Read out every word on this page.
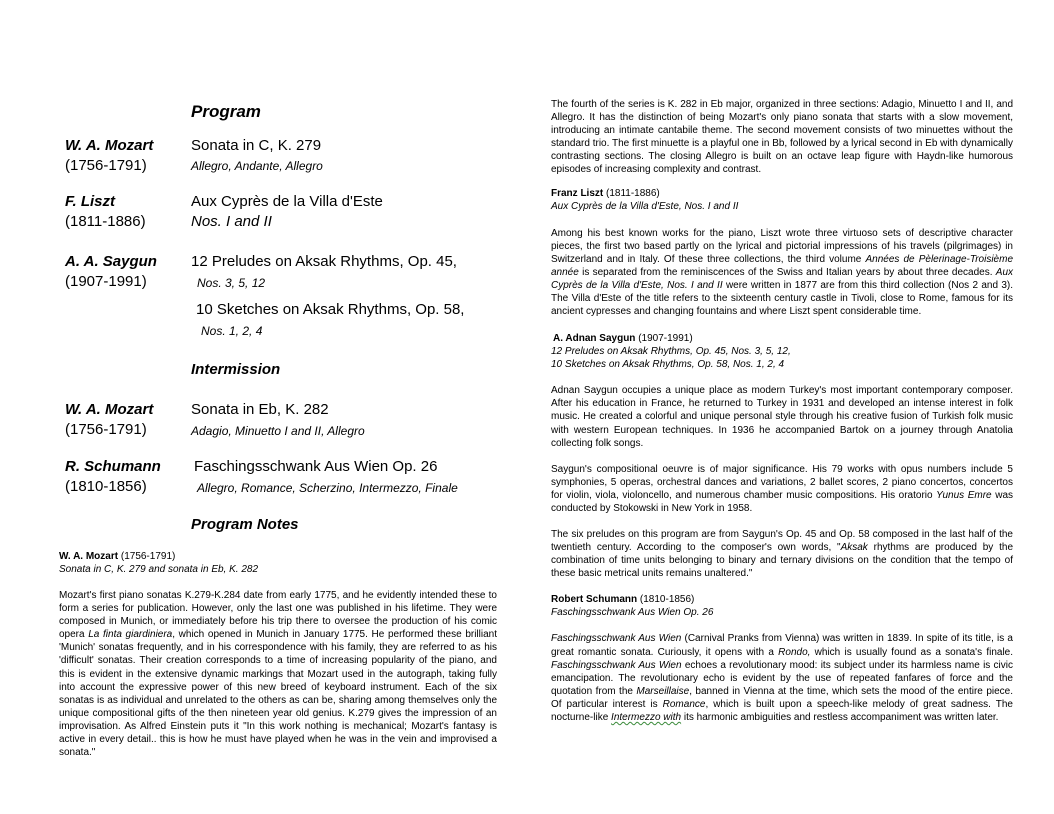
Program
W. A. Mozart
(1756-1791)
Sonata in C, K. 279
Allegro, Andante, Allegro
F. Liszt
(1811-1886)
Aux Cyprès de la Villa d'Este
Nos. I and II
A. A. Saygun
(1907-1991)
12 Preludes on Aksak Rhythms, Op. 45,
Nos. 3, 5, 12
10 Sketches on Aksak Rhythms, Op. 58,
Nos. 1, 2, 4
Intermission
W. A. Mozart
(1756-1791)
Sonata in Eb, K. 282
Adagio, Minuetto I and II, Allegro
R. Schumann
(1810-1856)
Faschingsschwank Aus Wien Op. 26
Allegro, Romance, Scherzino, Intermezzo, Finale
Program Notes
W. A. Mozart (1756-1791)
Sonata in C, K. 279 and sonata in Eb, K. 282

Mozart's first piano sonatas K.279-K.284 date from early 1775, and he evidently intended these to form a series for publication. However, only the last one was published in his lifetime. They were composed in Munich, or immediately before his trip there to oversee the production of his comic opera La finta giardiniera, which opened in Munich in January 1775. He performed these brilliant 'Munich' sonatas frequently, and in his correspondence with his family, they are referred to as his 'difficult' sonatas. Their creation corresponds to a time of increasing popularity of the piano, and this is evident in the extensive dynamic markings that Mozart used in the autograph, taking fully into account the expressive power of this new breed of keyboard instrument. Each of the six sonatas is as individual and unrelated to the others as can be, sharing among themselves only the unique compositional gifts of the then nineteen year old genius. K.279 gives the impression of an improvisation. As Alfred Einstein puts it "In this work nothing is mechanical; Mozart's fantasy is active in every detail.. this is how he must have played when he was in the vein and improvised a sonata."

The fourth of the series is K. 282 in Eb major, organized in three sections: Adagio, Minuetto I and II, and Allegro. It has the distinction of being Mozart's only piano sonata that starts with a slow movement, introducing an intimate cantabile theme. The second movement consists of two minuettes without the standard trio. The first minuette is a playful one in Bb, followed by a lyrical second in Eb with dynamically contrasting sections. The closing Allegro is built on an octave leap figure with Haydn-like humorous episodes of increasing complexity and contrast.

Franz Liszt (1811-1886)
Aux Cyprès de la Villa d'Este, Nos. I and II

Among his best known works for the piano, Liszt wrote three virtuoso sets of descriptive character pieces, the first two based partly on the lyrical and pictorial impressions of his travels (pilgrimages) in Switzerland and in Italy. Of these three collections, the third volume Années de Pèlerinage-Troisième année is separated from the reminiscences of the Swiss and Italian years by about three decades. Aux Cyprès de la Villa d'Este, Nos. I and II were written in 1877 are from this third collection (Nos 2 and 3). The Villa d'Este of the title refers to the sixteenth century castle in Tivoli, close to Rome, famous for its ancient cypresses and changing fountains and where Liszt spent considerable time.

A. Adnan Saygun (1907-1991)
12 Preludes on Aksak Rhythms, Op. 45, Nos. 3, 5, 12,
10 Sketches on Aksak Rhythms, Op. 58, Nos. 1, 2, 4

Adnan Saygun occupies a unique place as modern Turkey's most important contemporary composer. After his education in France, he returned to Turkey in 1931 and developed an intense interest in folk music. He created a colorful and unique personal style through his creative fusion of Turkish folk music with western European techniques. In 1936 he accompanied Bartok on a journey through Anatolia collecting folk songs.

Saygun's compositional oeuvre is of major significance. His 79 works with opus numbers include 5 symphonies, 5 operas, orchestral dances and variations, 2 ballet scores, 2 piano concertos, concertos for violin, viola, violoncello, and numerous chamber music compositions. His oratorio Yunus Emre was conducted by Stokowski in New York in 1958.

The six preludes on this program are from Saygun's Op. 45 and Op. 58 composed in the last half of the twentieth century. According to the composer's own words, "Aksak rhythms are produced by the combination of time units belonging to binary and ternary divisions on the condition that the tempo of these basic metrical units remains unaltered."

Robert Schumann (1810-1856)
Faschingsschwank Aus Wien Op. 26

Faschingsschwank Aus Wien (Carnival Pranks from Vienna) was written in 1839. In spite of its title, is a great romantic sonata. Curiously, it opens with a Rondo, which is usually found as a sonata's finale. Faschingsschwank Aus Wien echoes a revolutionary mood: its subject under its harmless name is civic emancipation. The revolutionary echo is evident by the use of repeated fanfares of force and the quotation from the Marseillaise, banned in Vienna at the time, which sets the mood of the entire piece. Of particular interest is Romance, which is built upon a speech-like melody of great sadness. The nocturne-like Intermezzo with its harmonic ambiguities and restless accompaniment was written later.
